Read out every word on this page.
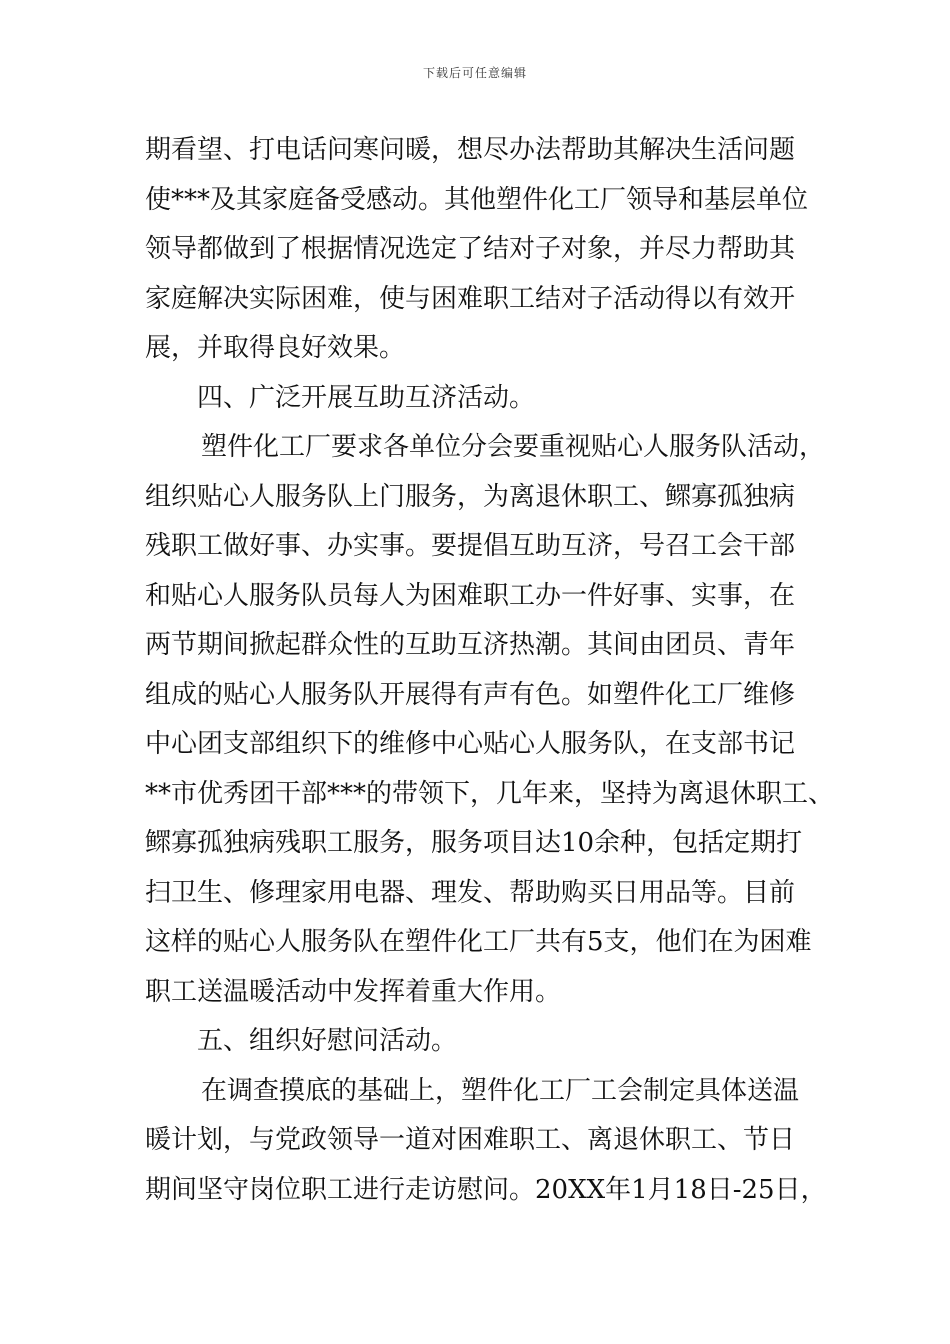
下载后可任意编辑
期看望、打电话问寒问暖，想尽办法帮助其解决生活问题
使***及其家庭备受感动。其他塑件化工厂领导和基层单位
领导都做到了根据情况选定了结对子对象，并尽力帮助其
家庭解决实际困难，使与困难职工结对子活动得以有效开
展，并取得良好效果。
四、广泛开展互助互济活动。
塑件化工厂要求各单位分会要重视贴心人服务队活动，
组织贴心人服务队上门服务，为离退休职工、鳏寡孤独病
残职工做好事、办实事。要提倡互助互济，号召工会干部
和贴心人服务队员每人为困难职工办一件好事、实事，在
两节期间掀起群众性的互助互济热潮。其间由团员、青年
组成的贴心人服务队开展得有声有色。如塑件化工厂维修
中心团支部组织下的维修中心贴心人服务队，在支部书记
**市优秀团干部***的带领下，几年来，坚持为离退休职工、
鳏寡孤独病残职工服务，服务项目达10余种，包括定期打
扫卫生、修理家用电器、理发、帮助购买日用品等。目前
这样的贴心人服务队在塑件化工厂共有5支，他们在为困难
职工送温暖活动中发挥着重大作用。
五、组织好慰问活动。
在调查摸底的基础上，塑件化工厂工会制定具体送温
暖计划，与党政领导一道对困难职工、离退休职工、节日
期间坚守岗位职工进行走访慰问。20XX年1月18日-25日，
